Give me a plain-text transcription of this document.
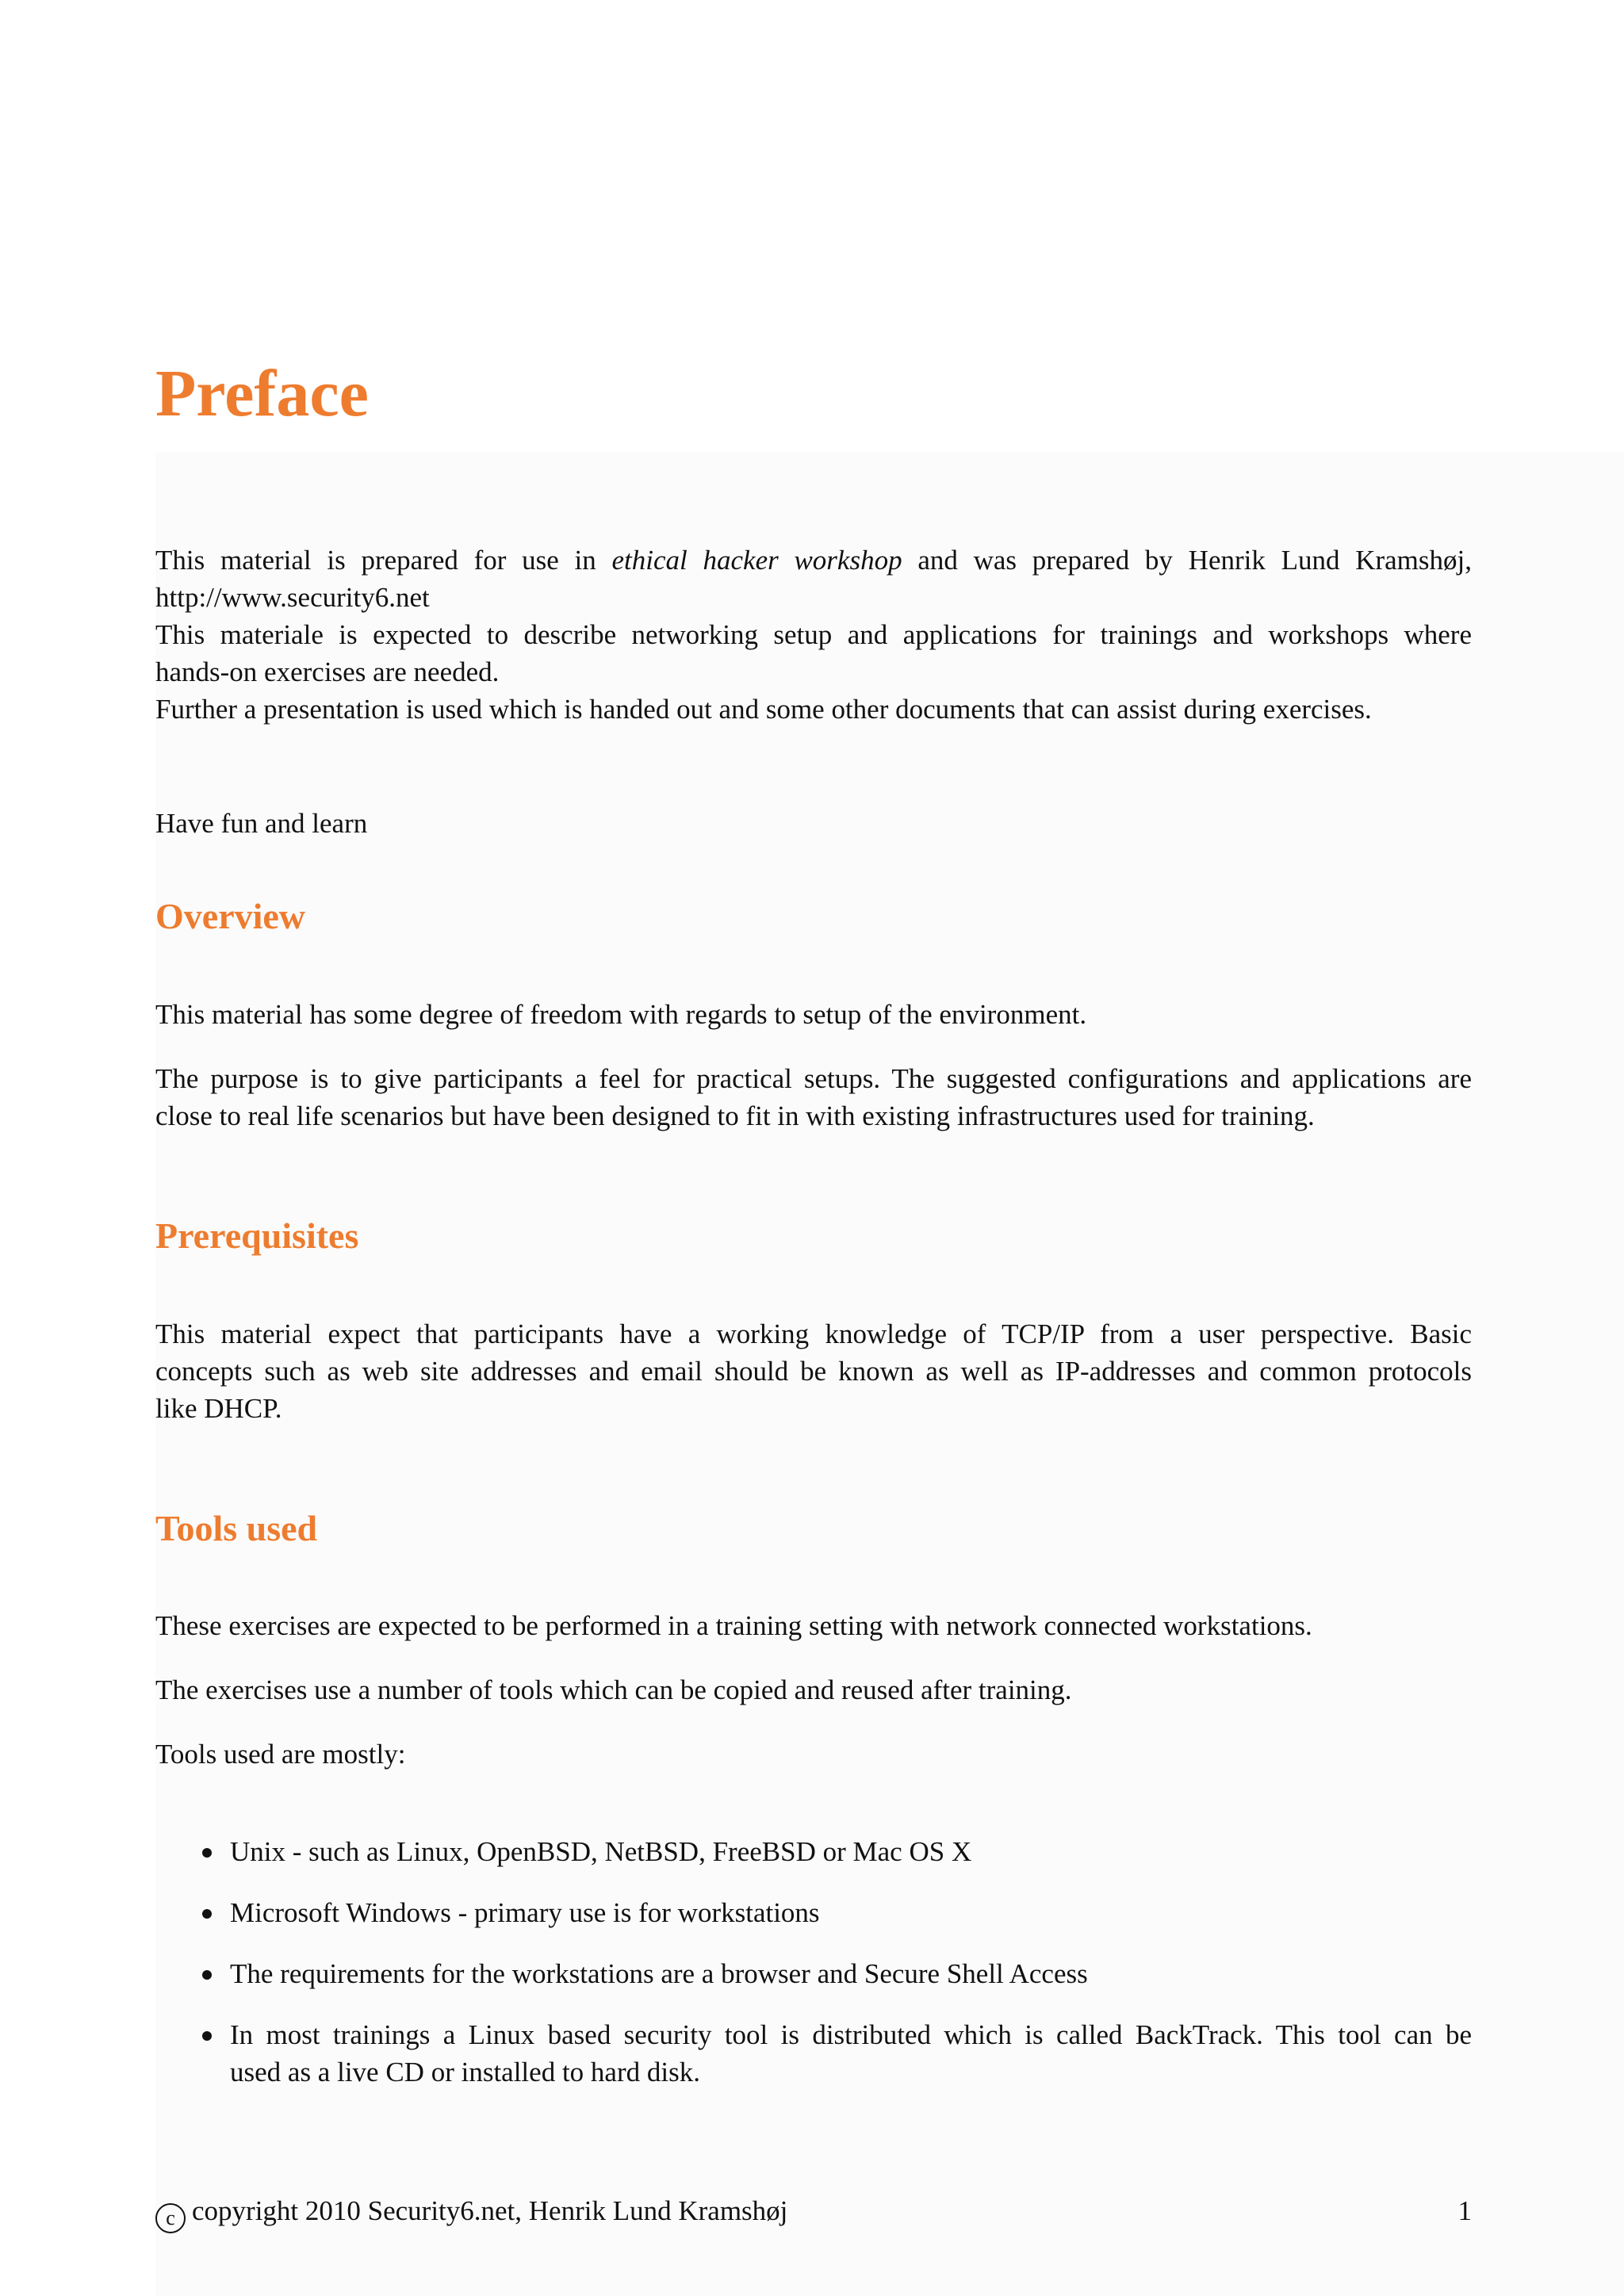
Preface

This material is prepared for use in ethical hacker workshop and was prepared by Henrik Lund Kramshøj,
http://www.security6.net
This materiale is expected to describe networking setup and applications for trainings and workshops where
hands-on exercises are needed.
Further a presentation is used which is handed out and some other documents that can assist during exercises.

Have fun and learn

Overview

This material has some degree of freedom with regards to setup of the environment.

The purpose is to give participants a feel for practical setups. The suggested configurations and applications are
close to real life scenarios but have been designed to fit in with existing infrastructures used for training.

Prerequisites

This material expect that participants have a working knowledge of TCP/IP from a user perspective. Basic
concepts such as web site addresses and email should be known as well as IP-addresses and common protocols
like DHCP.

Tools used

These exercises are expected to be performed in a training setting with network connected workstations.

The exercises use a number of tools which can be copied and reused after training.

Tools used are mostly:

Unix - such as Linux, OpenBSD, NetBSD, FreeBSD or Mac OS X
Microsoft Windows - primary use is for workstations
The requirements for the workstations are a browser and Secure Shell Access
In most trainings a Linux based security tool is distributed which is called BackTrack. This tool can be
used as a live CD or installed to hard disk.
c copyright 2010 Security6.net, Henrik Lund Kramshøj	1
